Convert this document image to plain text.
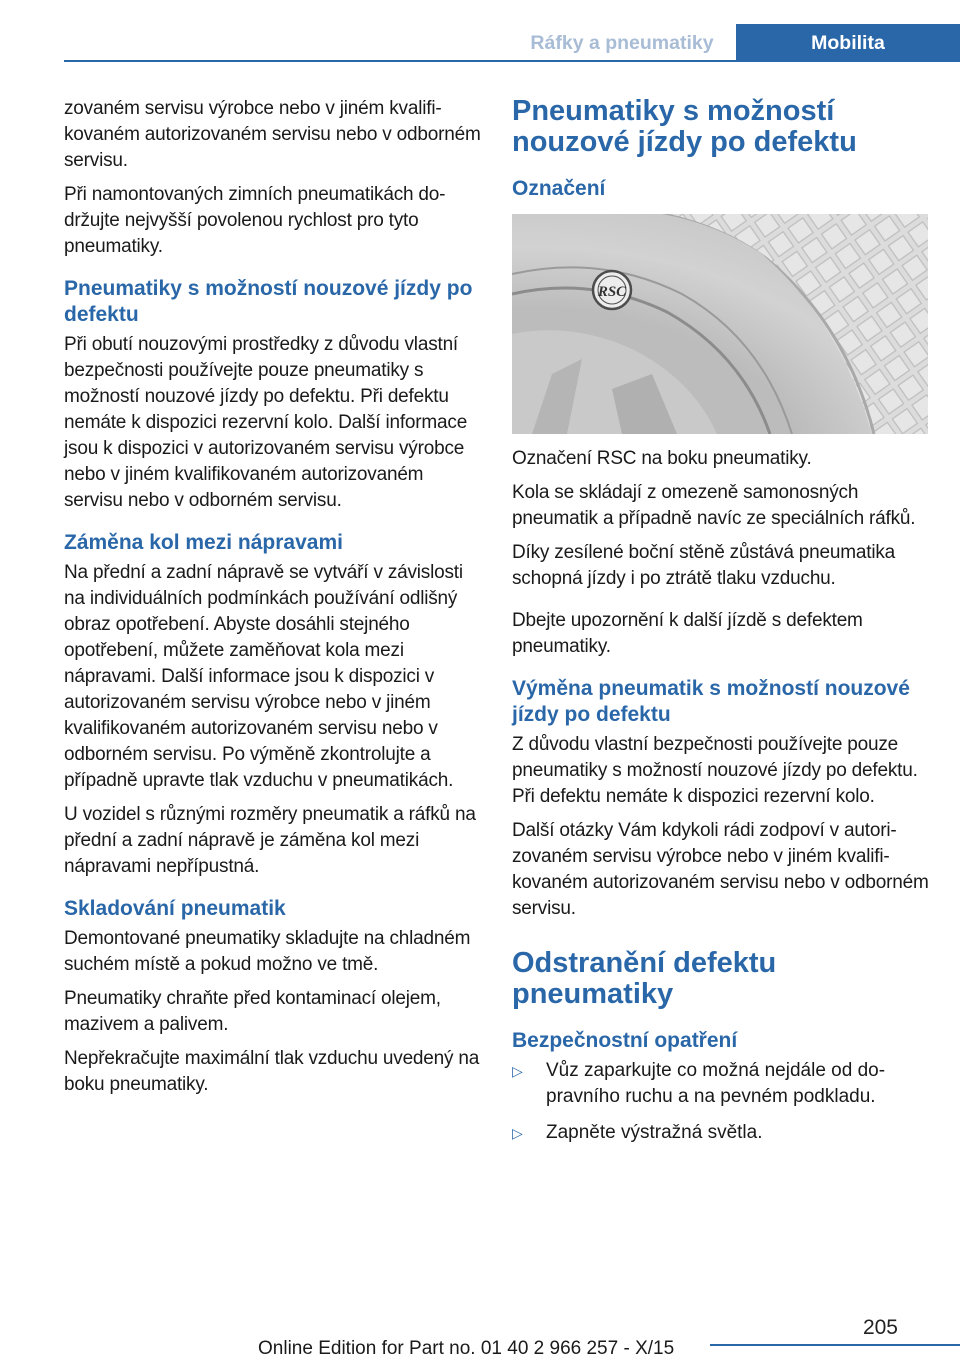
Ráfky a pneumatiky	Mobilita

zovaném servisu výrobce nebo v jiném kvalifikovaném autorizovaném servisu nebo v odborném servisu.

Při namontovaných zimních pneumatikách dodržujte nejvyšší povolenou rychlost pro tyto pneumatiky.

Pneumatiky s možností nouzové jízdy po defektu

Při obutí nouzovými prostředky z důvodu vlastní bezpečnosti používejte pouze pneumatiky s možností nouzové jízdy po defektu. Při defektu nemáte k dispozici rezervní kolo. Další informace jsou k dispozici v autorizovaném servisu výrobce nebo v jiném kvalifikovaném autorizovaném servisu nebo v odborném servisu.

Záměna kol mezi nápravami

Na přední a zadní nápravě se vytváří v závislosti na individuálních podmínkách používání odlišný obraz opotřebení. Abyste dosáhli stejného opotřebení, můžete zaměňovat kola mezi nápravami. Další informace jsou k dispozici v autorizovaném servisu výrobce nebo v jiném kvalifikovaném autorizovaném servisu nebo v odborném servisu. Po výměně zkontrolujte a případně upravte tlak vzduchu v pneumatikách.

U vozidel s různými rozměry pneumatik a ráfků na přední a zadní nápravě je záměna kol mezi nápravami nepřípustná.

Skladování pneumatik

Demontované pneumatiky skladujte na chladném suchém místě a pokud možno ve tmě.

Pneumatiky chraňte před kontaminací olejem, mazivem a palivem.

Nepřekračujte maximální tlak vzduchu uvedený na boku pneumatiky.

Pneumatiky s možností nouzové jízdy po defektu
Označení
RSC

Označení RSC na boku pneumatiky.

Kola se skládají z omezeně samonosných pneumatik a případně navíc ze speciálních ráfků.

Díky zesílené boční stěně zůstává pneumatika schopná jízdy i po ztrátě tlaku vzduchu.

Dbejte upozornění k další jízdě s defektem pneumatiky.

Výměna pneumatik s možností nouzové jízdy po defektu

Z důvodu vlastní bezpečnosti používejte pouze pneumatiky s možností nouzové jízdy po defektu. Při defektu nemáte k dispozici rezervní kolo.

Další otázky Vám kdykoli rádi zodpoví v autorizovaném servisu výrobce nebo v jiném kvalifikovaném autorizovaném servisu nebo v odborném servisu.

Odstranění defektu pneumatiky
Bezpečnostní opatření
▷ Vůz zaparkujte co možná nejdále od dopravního ruchu a na pevném podkladu.
▷ Zapněte výstražná světla.
205
Online Edition for Part no. 01 40 2 966 257 - X/15
